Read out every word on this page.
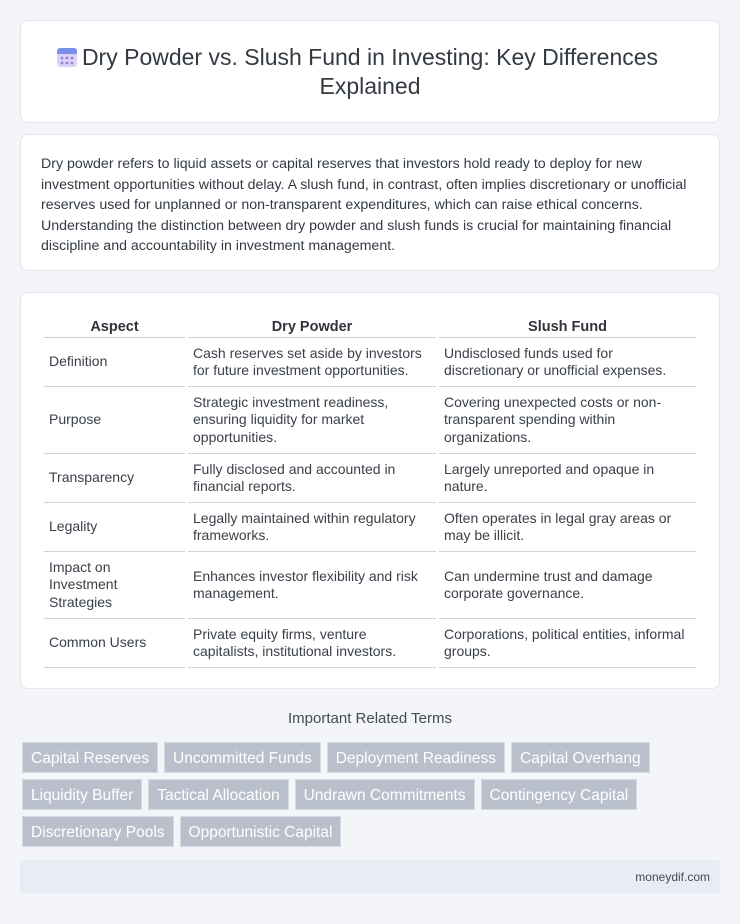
Dry Powder vs. Slush Fund in Investing: Key Differences Explained

Dry powder refers to liquid assets or capital reserves that investors hold ready to deploy for new investment opportunities without delay. A slush fund, in contrast, often implies discretionary or unofficial reserves used for unplanned or non-transparent expenditures, which can raise ethical concerns. Understanding the distinction between dry powder and slush funds is crucial for maintaining financial discipline and accountability in investment management.

Aspect	Dry Powder	Slush Fund
Definition	Cash reserves set aside by investors for future investment opportunities.	Undisclosed funds used for discretionary or unofficial expenses.
Purpose	Strategic investment readiness, ensuring liquidity for market opportunities.	Covering unexpected costs or non-transparent spending within organizations.
Transparency	Fully disclosed and accounted in financial reports.	Largely unreported and opaque in nature.
Legality	Legally maintained within regulatory frameworks.	Often operates in legal gray areas or may be illicit.
Impact on Investment Strategies	Enhances investor flexibility and risk management.	Can undermine trust and damage corporate governance.
Common Users	Private equity firms, venture capitalists, institutional investors.	Corporations, political entities, informal groups.
Important Related Terms
Capital Reserves	Uncommitted Funds	Deployment Readiness	Capital Overhang
Liquidity Buffer	Tactical Allocation	Undrawn Commitments	Contingency Capital
Discretionary Pools	Opportunistic Capital
moneydif.com
